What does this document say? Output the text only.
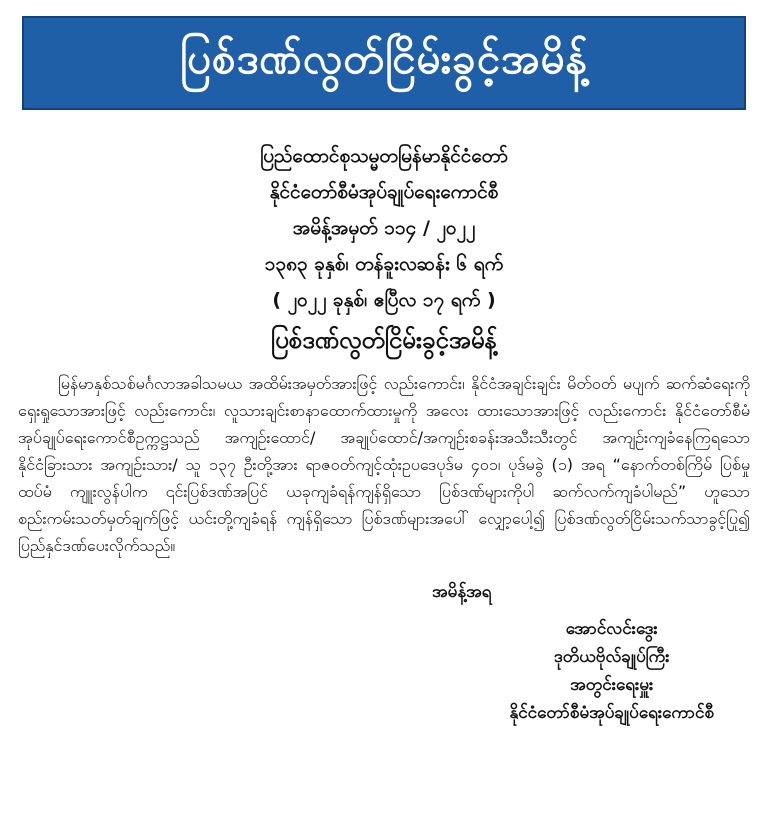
ပြစ်ဒဏ်လွတ်ငြိမ်းခွင့်အမိန့်
ပြည်ထောင်စုသမ္မတမြန်မာနိုင်ငံတော်
နိုင်ငံတော်စီမံအုပ်ချုပ်ရေးကောင်စီ
အမိန့်အမှတ် ၁၁၄ / ၂၀၂၂
၁၃၈၃ ခုနှစ်၊ တန်ခူးလဆန်း ၆ ရက်
( ၂၀၂၂ ခုနှစ်၊ ဧပြီလ ၁၇ ရက် )
ပြစ်ဒဏ်လွတ်ငြိမ်းခွင့်အမိန့်
မြန်မာနှစ်သစ်မင်္ဂလာအခါသမယ အထိမ်းအမှတ်အားဖြင့် လည်းကောင်း၊ နိုင်ငံအချင်းချင်း မိတ်ဝတ် မပျက် ဆက်ဆံရေးကို ရှေးရှုသောအားဖြင့် လည်းကောင်း၊ လူသားချင်းစာနာထောက်ထားမှုကို အလေး ထားသောအားဖြင့် လည်းကောင်း နိုင်ငံတော်စီမံအုပ်ချုပ်ရေးကောင်စီဥက္ကဋ္ဌသည် အကျဉ်းထောင်/ အချုပ်ထောင်/အကျဉ်းစခန်းအသီးသီးတွင် အကျဉ်းကျခံနေကြရသော နိုင်ငံခြားသား အကျဉ်းသား/ သူ ၁၃၇ ဦးတို့အား ရာဇဝတ်ကျင့်ထုံးဥပဒေပုဒ်မ ၄၀၁၊ ပုဒ်မခွဲ (၁) အရ “နောက်တစ်ကြိမ် ပြစ်မှုထပ်မံ ကျူးလွန်ပါက ၎င်းပြစ်ဒဏ်အပြင် ယခုကျခံရန်ကျန်ရှိသော ပြစ်ဒဏ်များကိုပါ ဆက်လက်ကျခံပါမည်” ဟူသော စည်းကမ်းသတ်မှတ်ချက်ဖြင့် ယင်းတို့ကျခံရန် ကျန်ရှိသော ပြစ်ဒဏ်များအပေါ် လျှော့ပေါ့၍ ပြစ်ဒဏ်လွတ်ငြိမ်းသက်သာခွင့်ပြု၍ ပြည်နှင်ဒဏ်ပေးလိုက်သည်။
အမိန့်အရ
အောင်လင်းဒွေး
ဒုတိယဗိုလ်ချုပ်ကြီး
အတွင်းရေးမှူး
နိုင်ငံတော်စီမံအုပ်ချုပ်ရေးကောင်စီ
